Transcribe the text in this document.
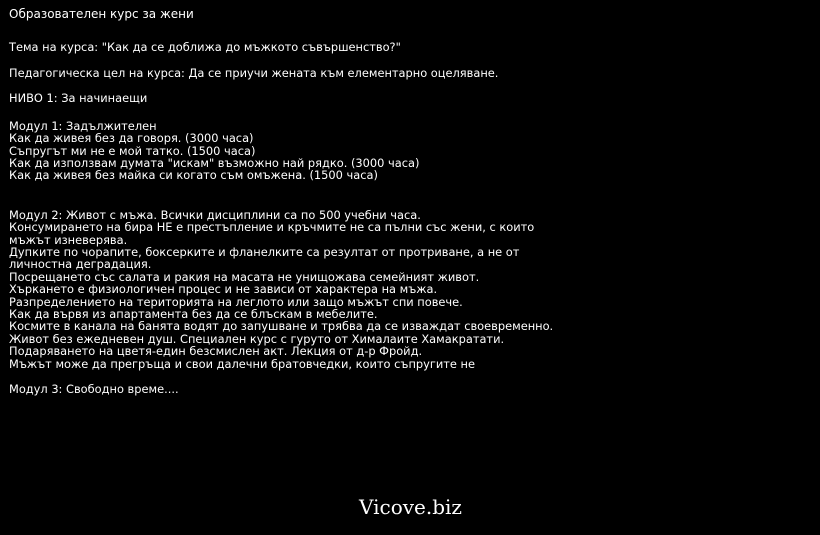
Образователен курс за жени

Тема на курса: "Как да се доближа до мъжкото съвършенство?"

Педагогическа цел на курса: Да се приучи жената към елементарно оцеляване.

НИВО 1: За начинаещи

Модул 1: Задължителен

Как да живея без да говоря. (3000 часа)

Съпругът ми не е мой татко. (1500 часа)

Как да използвам думата "искам" възможно най рядко. (3000 часа)

Как да живея без майка си когато съм омъжена. (1500 часа)

Модул 2: Живот с мъжа. Всички дисциплини са по 500 учебни часа.

Консумирането на бира НЕ е престъпление и кръчмите не са пълни със жени, с които мъжът изневерява.

Дупките по чорапите, боксерките и фланелките са резултат от протриване, а не от личностна деградация.

Посрещането със салата и ракия на масата не унищожава семейният живот.

Хъркането е физиологичен процес и не зависи от характера на мъжа.

Разпределението на територията на леглото или защо мъжът спи повече.

Как да вървя из апартамента без да се блъскам в мебелите.

Космите в канала на банята водят до запушване и трябва да се изваждат своевременно.

Живот без ежедневен душ. Специален курс с гуруто от Хималаите Хамакратати.

Подаряването на цветя-един безсмислен акт. Лекция от д-р Фройд.

Мъжът може да прегръща и свои далечни братовчедки, които съпругите не

Модул 3: Свободно време....

Vicove.biz
